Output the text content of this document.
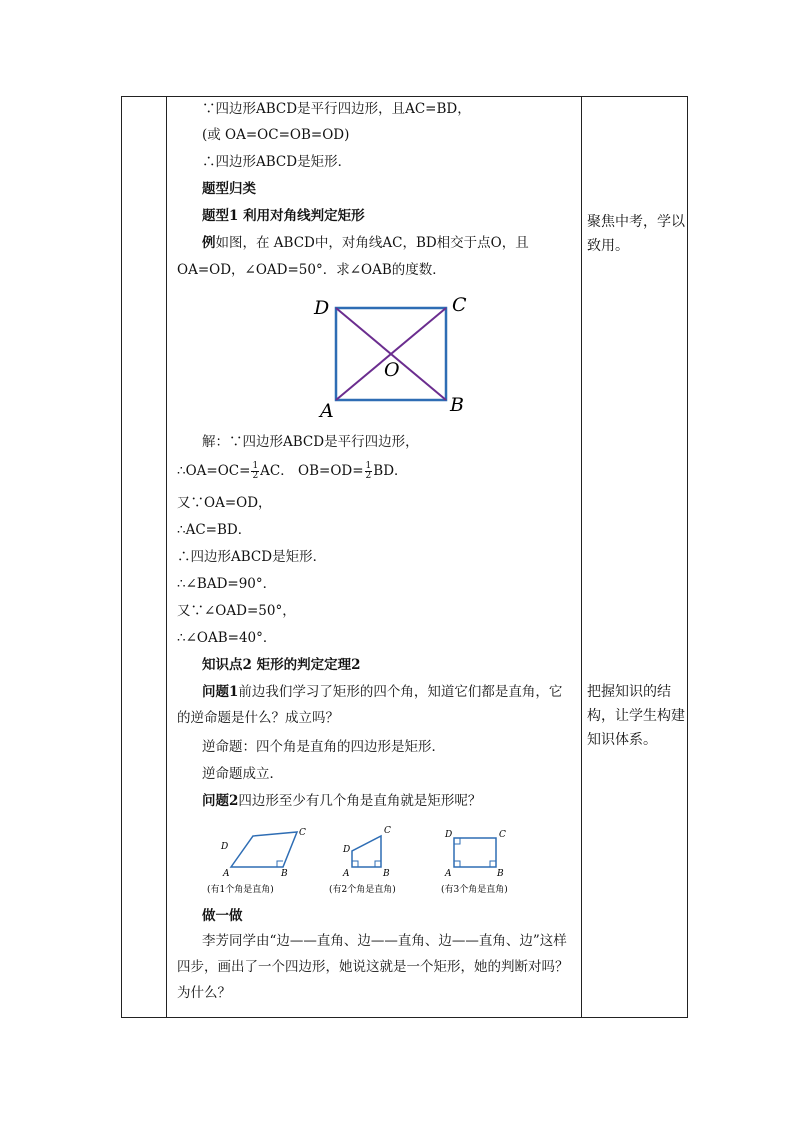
∵四边形ABCD是平行四边形，且AC=BD，
(或 OA=OC=OB=OD)
∴四边形ABCD是矩形．
题型归类
题型1 利用对角线判定矩形
例如图，在 ABCD中，对角线AC，BD相交于点O，且
OA=OD，∠OAD=50°．求∠OAB的度数．
D	C
A	B
O
解：∵四边形ABCD是平行四边形，
∴OA=OC= $\frac{1}{2}$ AC． $OB=OD= \frac{1}{2}$ BD．
又∵OA=OD，
∴AC=BD．
∴四边形ABCD是矩形．
∴∠BAD=90°．
又∵∠OAD=50°，
∴∠OAB=40°．
知识点2 矩形的判定定理2
问题1前边我们学习了矩形的四个角，知道它们都是直角，它的逆命题是什么？成立吗？
逆命题：四个角是直角的四边形是矩形．
逆命题成立．
问题2四边形至少有几个角是直角就是矩形呢？
D
C
A	B
(有1个角是直角)
D
C
A	B
(有2个角是直角)
D	C
A	B
(有3个角是直角)
做一做
李芳同学由“边——直角、边——直角、边——直角、边”这样四步，画出了一个四边形，她说这就是一个矩形，她的判断对吗？为什么？
聚焦中考，学以致用。
把握知识的结构，让学生构建知识体系。
